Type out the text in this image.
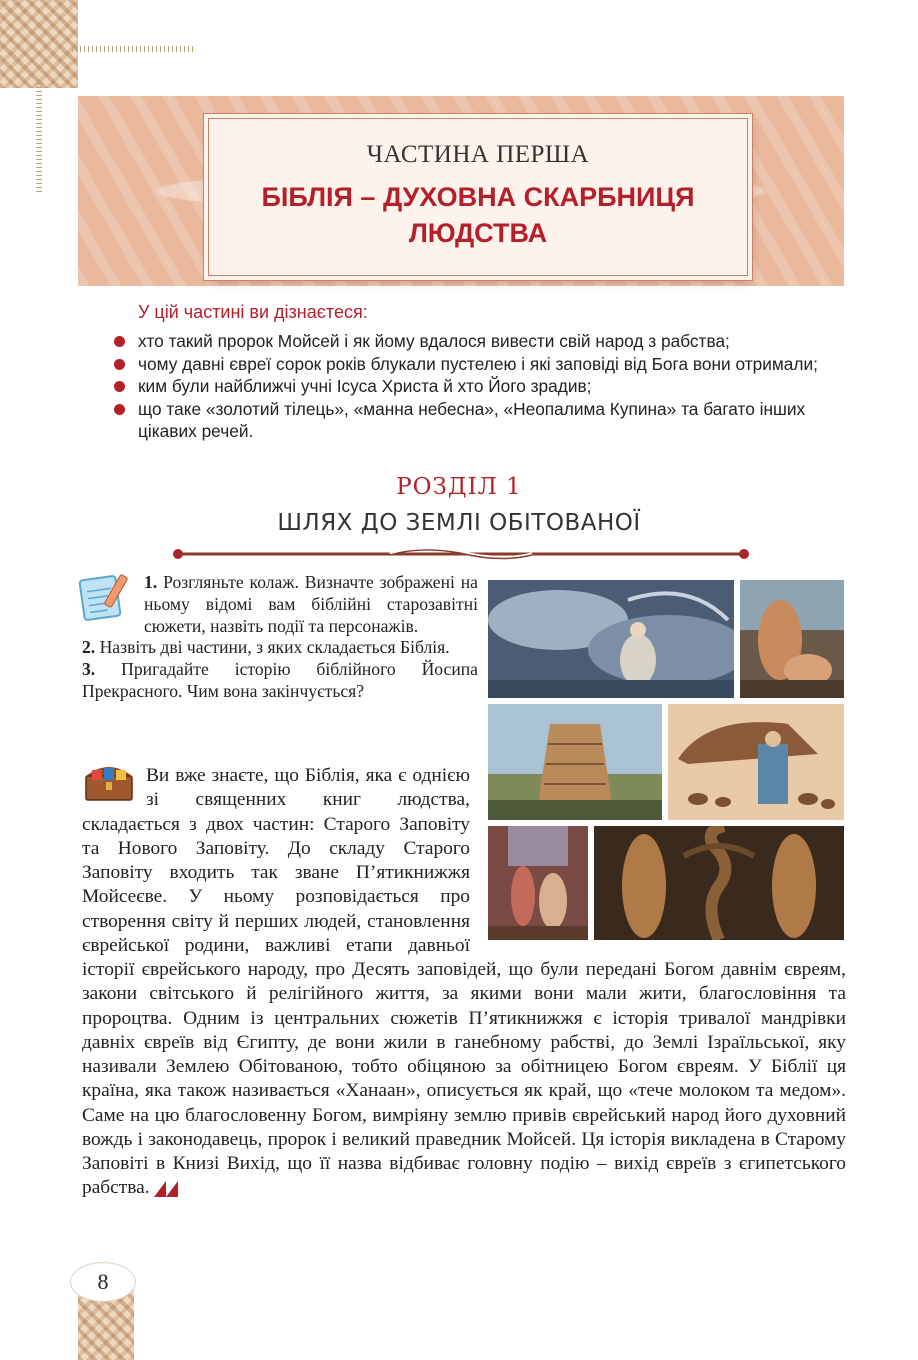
ЧАСТИНА ПЕРША
БІБЛІЯ – ДУХОВНА СКАРБНИЦЯ
ЛЮДСТВА
У цій частині ви дізнаєтеся:
хто такий пророк Мойсей і як йому вдалося вивести свій народ з рабства;
чому давні євреї сорок років блукали пустелею і які заповіді від Бога вони отримали;
ким були найближчі учні Ісуса Христа й хто Його зрадив;
що таке «золотий тілець», «манна небесна», «Неопалима Купина» та багато інших цікавих речей.
РОЗДІЛ 1
ШЛЯХ ДО ЗЕМЛІ ОБІТОВАНОЇ

1. Розгляньте колаж. Визначте зображені на ньому відомі вам біблійні старозавітні сюжети, назвіть події та персонажів.

2. Назвіть дві частини, з яких складається Біблія.

3. Пригадайте історію біблійного Йосипа Прекрасного. Чим вона закінчується?

Ви вже знаєте, що Біблія, яка є однією зі священних книг людства, складається з двох частин: Старого Заповіту та Нового Заповіту. До складу Старого Заповіту входить так зване П’ятикнижжя Мойсеєве. У ньому розповідається про створення світу й перших людей, становлення єврейської родини, важливі етапи давньої історії єврейського народу, про Десять заповідей, що були передані Богом давнім євреям, закони світського й релігійного життя, за якими вони мали жити, благословіння та пророцтва. Одним із центральних сюжетів П’ятикнижжя є історія тривалої мандрівки давніх євреїв від Єгипту, де вони жили в ганебному рабстві, до Землі Ізраїльської, яку називали Землею Обітованою, тобто обіцяною за обітницею Богом євреям. У Біблії ця країна, яка також називається «Ханаан», описується як край, що «тече молоком та медом». Саме на цю благословенну Богом, вимріяну землю привів єврейський народ його духовний вождь і законодавець, пророк і великий праведник Мойсей. Ця історія викладена в Старому Заповіті в Книзі Вихід, що її назва відбиває головну подію – вихід євреїв з єгипетського рабства.
8
